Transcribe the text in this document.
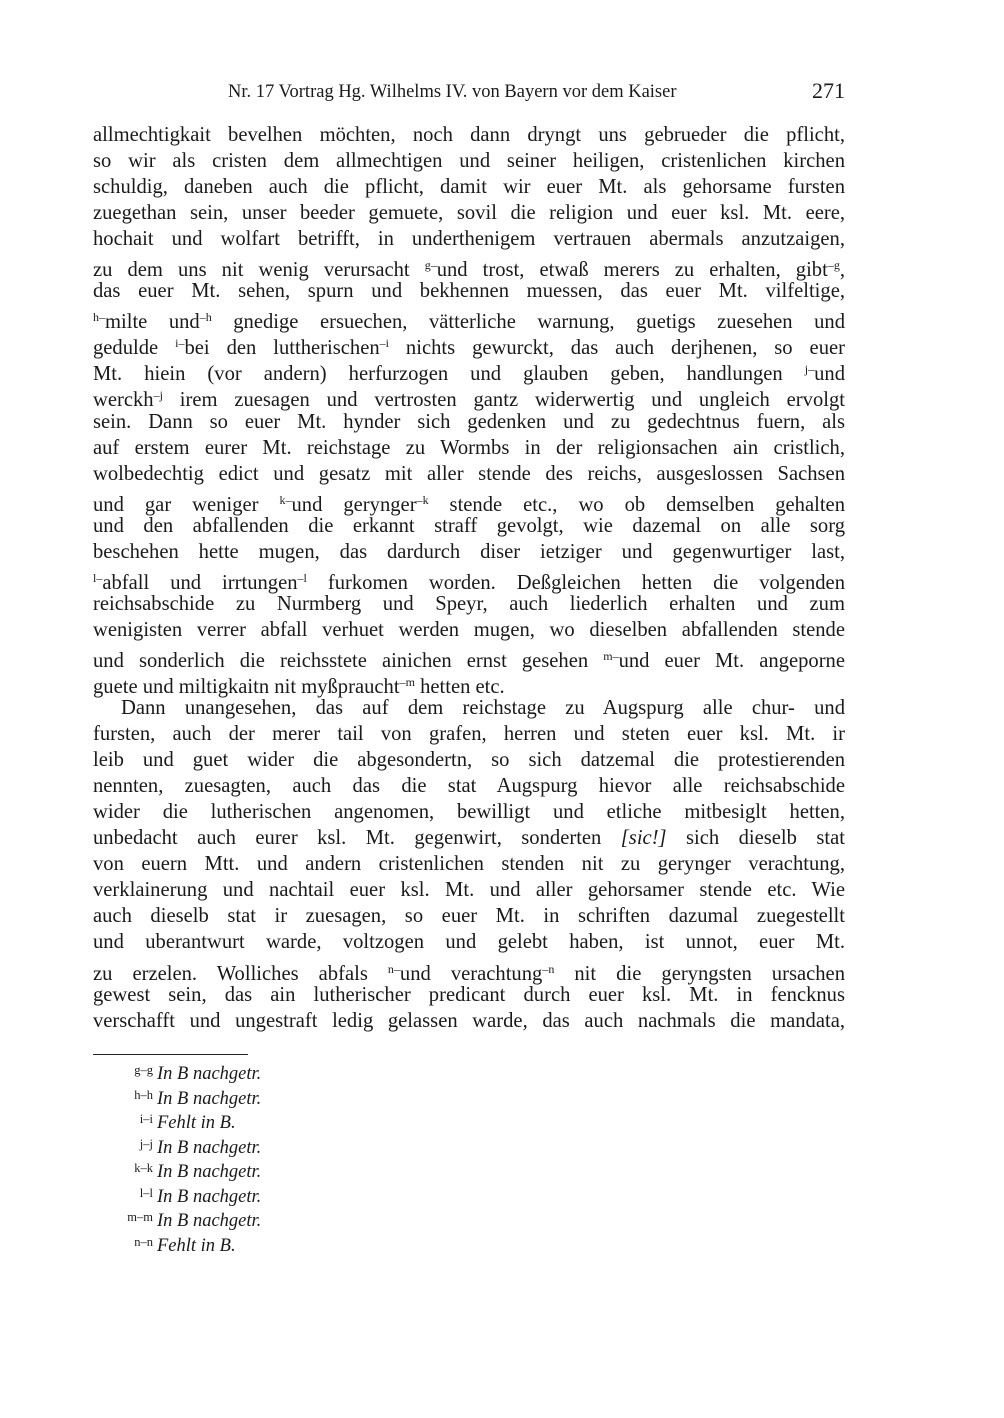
Nr. 17 Vortrag Hg. Wilhelms IV. von Bayern vor dem Kaiser	271
allmechtigkait bevelhen möchten, noch dann dryngt uns gebrueder die pflicht,
so wir als cristen dem allmechtigen und seiner heiligen, cristenlichen kirchen
schuldig, daneben auch die pflicht, damit wir euer Mt. als gehorsame fursten
zuegethan sein, unser beeder gemuete, sovil die religion und euer ksl. Mt. eere,
hochait und wolfart betrifft, in underthenigem vertrauen abermals anzutzaigen,
zu dem uns nit wenig verursacht $^{g-}$und trost, etwaß merers zu erhalten, gibt$^{-g}$,
das euer Mt. sehen, spurn und bekhennen muessen, das euer Mt. vilfeltige,
$^{h-}$milte und$^{-h}$ gnedige ersuechen, vätterliche warnung, guetigs zuesehen und
gedulde $^{i-}$bei den luttherischen$^{-i}$ nichts gewurckt, das auch derjhenen, so euer
Mt. hiein (vor andern) herfurzogen und glauben geben, handlungen $^{j-}$und
werckh$^{-j}$ irem zuesagen und vertrosten gantz widerwertig und ungleich ervolgt
sein. Dann so euer Mt. hynder sich gedenken und zu gedechtnus fuern, als
auf erstem eurer Mt. reichstage zu Wormbs in der religionsachen ain cristlich,
wolbedechtig edict und gesatz mit aller stende des reichs, ausgeslossen Sachsen
und gar weniger $^{k-}$und gerynger$^{-k}$ stende etc., wo ob demselben gehalten
und den abfallenden die erkannt straff gevolgt, wie dazemal on alle sorg
beschehen hette mugen, das dardurch diser ietziger und gegenwurtiger last,
$^{l-}$abfall und irrtungen$^{-l}$ furkomen worden. Deßgleichen hetten die volgenden
reichsabschide zu Nurmberg und Speyr, auch liederlich erhalten und zum
wenigisten verrer abfall verhuet werden mugen, wo dieselben abfallenden stende
und sonderlich die reichsstete ainichen ernst gesehen $^{m-}$und euer Mt. angeporne
guete und miltigkaitn nit myßpraucht$^{-m}$ hetten etc.
Dann unangesehen, das auf dem reichstage zu Augspurg alle chur- und
fursten, auch der merer tail von grafen, herren und steten euer ksl. Mt. ir
leib und guet wider die abgesondertn, so sich datzemal die protestierenden
nennten, zuesagten, auch das die stat Augspurg hievor alle reichsabschide
wider die lutherischen angenomen, bewilligt und etliche mitbesiglt hetten,
unbedacht auch eurer ksl. Mt. gegenwirt, sonderten [sic!] sich dieselb stat
von euern Mtt. und andern cristenlichen stenden nit zu gerynger verachtung,
verklainerung und nachtail euer ksl. Mt. und aller gehorsamer stende etc. Wie
auch dieselb stat ir zuesagen, so euer Mt. in schriften dazumal zuegestellt
und uberantwurt warde, voltzogen und gelebt haben, ist unnot, euer Mt.
zu erzelen. Wolliches abfals $^{n-}$und verachtung$^{-n}$ nit die geryngsten ursachen
gewest sein, das ain lutherischer predicant durch euer ksl. Mt. in fencknus
verschafft und ungestraft ledig gelassen warde, das auch nachmals die mandata,
g–g In B nachgetr.
h–h In B nachgetr.
i–i Fehlt in B.
j–j In B nachgetr.
k–k In B nachgetr.
l–l In B nachgetr.
m–m In B nachgetr.
n–n Fehlt in B.
